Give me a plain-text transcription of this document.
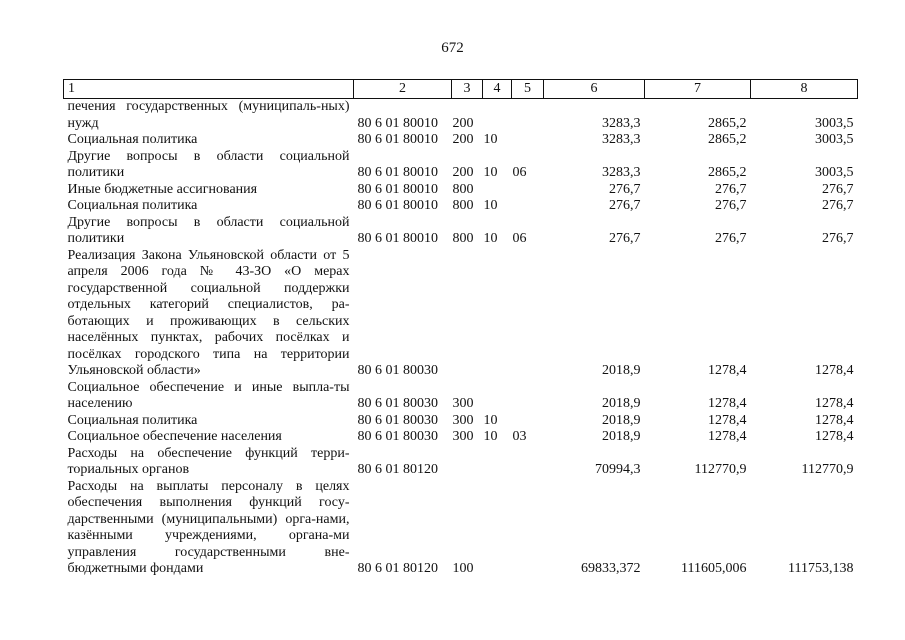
672
1	2	3	4	5	6	7	8
печения государственных (муниципаль-ных) нужд	80 6 01 80010	200			3283,3	2865,2	3003,5
Социальная политика	80 6 01 80010	200	10		3283,3	2865,2	3003,5
Другие вопросы в области социальной политики	80 6 01 80010	200	10	06	3283,3	2865,2	3003,5
Иные бюджетные ассигнования	80 6 01 80010	800			276,7	276,7	276,7
Социальная политика	80 6 01 80010	800	10		276,7	276,7	276,7
Другие вопросы в области социальной политики	80 6 01 80010	800	10	06	276,7	276,7	276,7
Реализация Закона Ульяновской области от 5 апреля 2006 года № 43-ЗО «О мерах государственной социальной поддержки отдельных категорий специалистов, ра-ботающих и проживающих в сельских населённых пунктах, рабочих посёлках и посёлках городского типа на территории Ульяновской области»	80 6 01 80030				2018,9	1278,4	1278,4
Социальное обеспечение и иные выпла-ты населению	80 6 01 80030	300			2018,9	1278,4	1278,4
Социальная политика	80 6 01 80030	300	10		2018,9	1278,4	1278,4
Социальное обеспечение населения	80 6 01 80030	300	10	03	2018,9	1278,4	1278,4
Расходы на обеспечение функций терри-ториальных органов	80 6 01 80120				70994,3	112770,9	112770,9
Расходы на выплаты персоналу в целях обеспечения выполнения функций госу-дарственными (муниципальными) орга-нами, казёнными учреждениями, органа-ми управления государственными вне-бюджетными фондами	80 6 01 80120	100			69833,372	111605,006	111753,138
